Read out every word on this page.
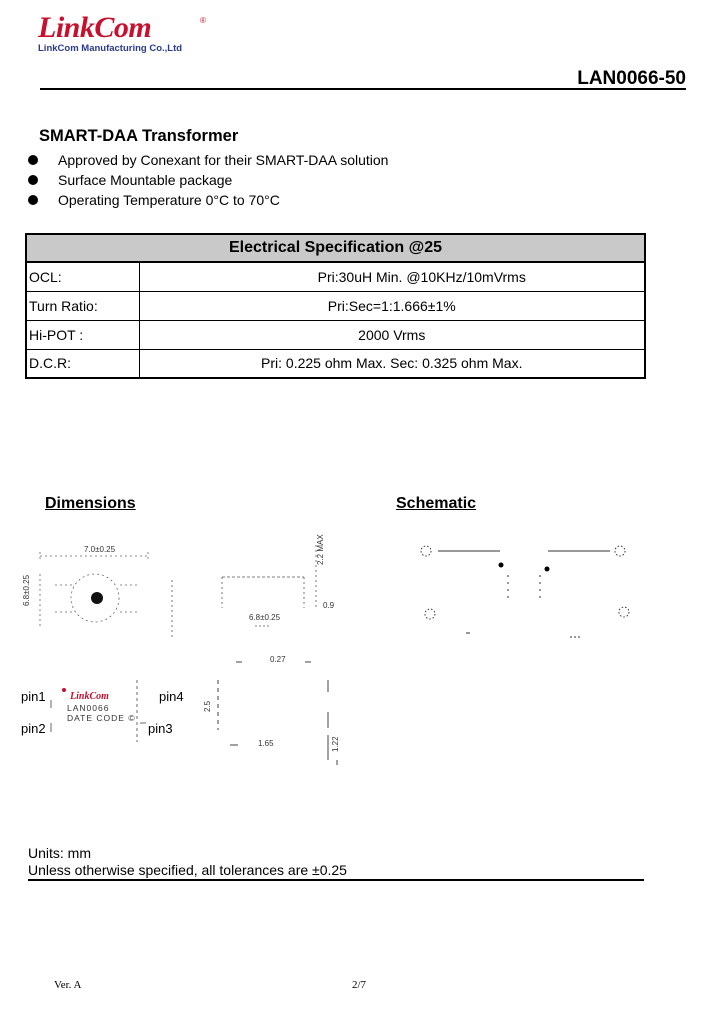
LinkCom	®
LinkCom Manufacturing Co.,Ltd
LAN0066-50
SMART-DAA Transformer
Approved by Conexant for their SMART-DAA solution
Surface Mountable package
Operating Temperature 0°C to 70°C
Electrical Specification @25	
OCL:	Pri:30uH Min. @10KHz/10mVrms
Turn Ratio:	Pri:Sec=1:1.666±1%
Hi-POT :	2000 Vrms
D.C.R:	Pri: 0.225 ohm Max. Sec: 0.325 ohm Max.
Dimensions	Schematic
7.0±0.25
6.8±0.25
2.2 MAX
0.9
6.8±0.25
0.27
2.5
1.65	1.22
LinkCom
LAN0066
DATE CODE ©
pin1
pin2	pin3
pin4
Units: mm
Unless otherwise specified, all tolerances are ±0.25
Ver. A	2/7
